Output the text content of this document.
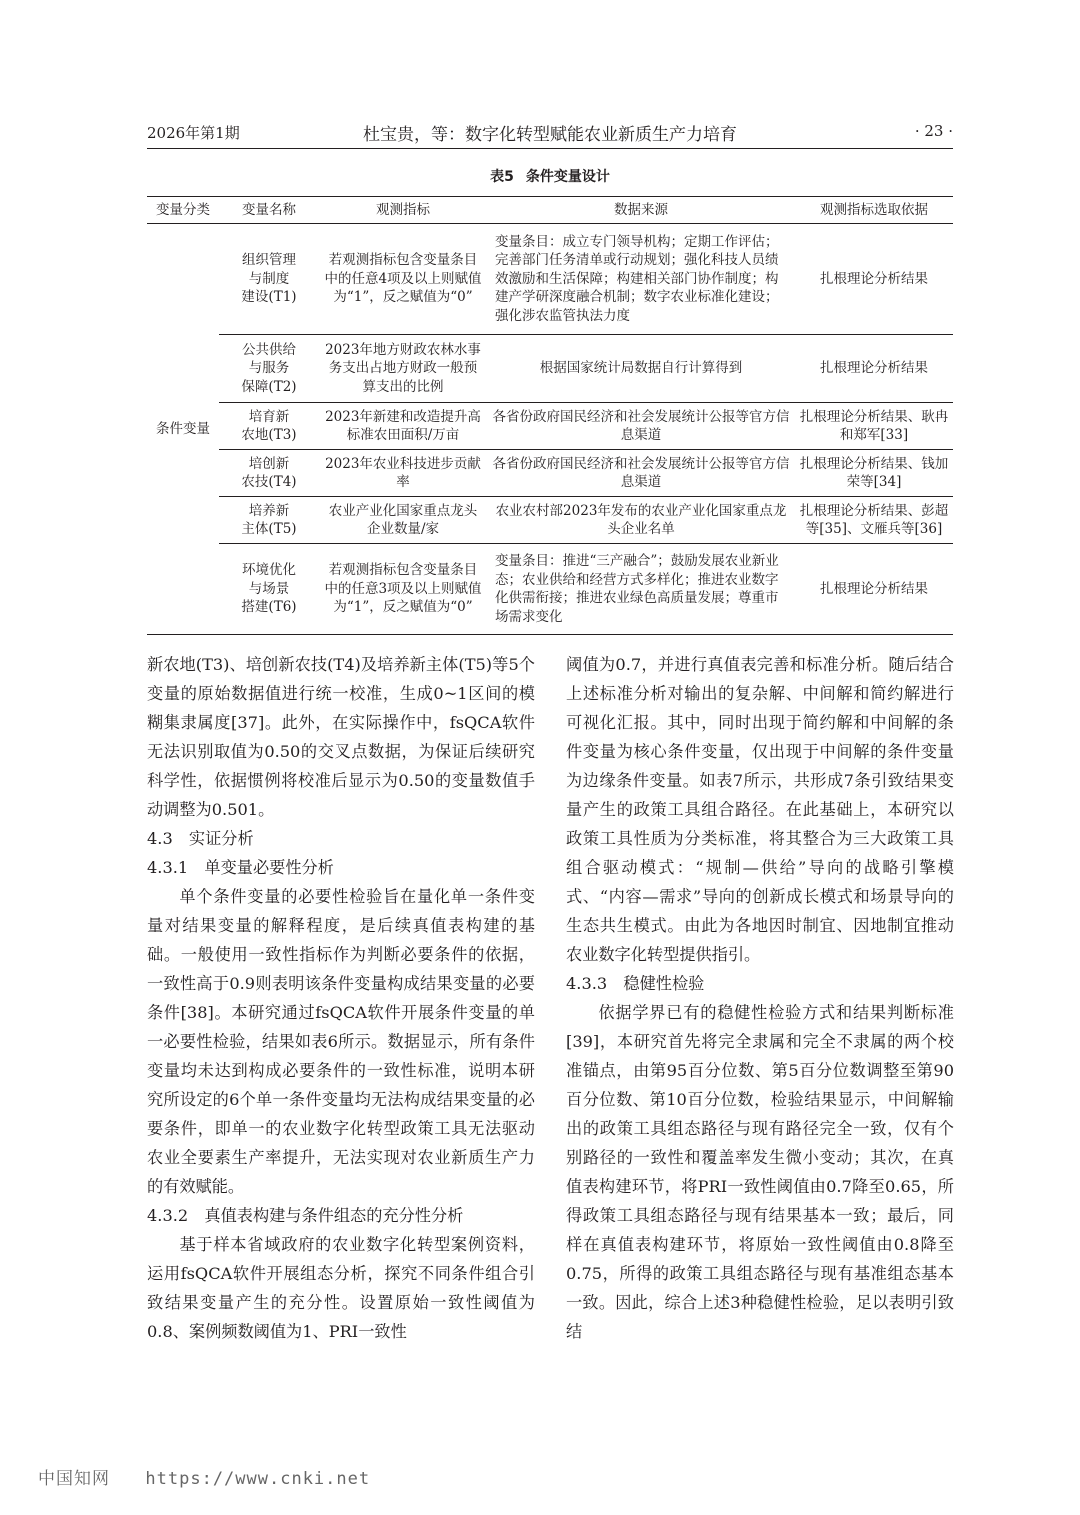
2026年第1期	杜宝贵，等：数字化转型赋能农业新质生产力培育	· 23 ·
表5 条件变量设计
变量分类	变量名称	观测指标	数据来源	观测指标选取依据
条件变量	组织管理
与制度
建设(T1)	若观测指标包含变量条目中的任意4项及以上则赋值为“1”，反之赋值为“0”	变量条目：成立专门领导机构；定期工作评估；完善部门任务清单或行动规划；强化科技人员绩效激励和生活保障；构建相关部门协作制度；构建产学研深度融合机制；数字农业标准化建设；强化涉农监管执法力度	扎根理论分析结果

	公共供给
与服务
保障(T2)	2023年地方财政农林水事务支出占地方财政一般预算支出的比例	根据国家统计局数据自行计算得到	扎根理论分析结果

	培育新
农地(T3)	2023年新建和改造提升高标准农田面积/万亩	各省份政府国民经济和社会发展统计公报等官方信息渠道	扎根理论分析结果、耿冉和郑军[33]

	培创新
农技(T4)	2023年农业科技进步贡献率	各省份政府国民经济和社会发展统计公报等官方信息渠道	扎根理论分析结果、钱加荣等[34]

	培养新
主体(T5)	农业产业化国家重点龙头企业数量/家	农业农村部2023年发布的农业产业化国家重点龙头企业名单	扎根理论分析结果、彭超等[35]、文雁兵等[36]

	环境优化
与场景
搭建(T6)	若观测指标包含变量条目中的任意3项及以上则赋值为“1”，反之赋值为“0”	变量条目：推进“三产融合”；鼓励发展农业新业态；农业供给和经营方式多样化；推进农业数字化供需衔接；推进农业绿色高质量发展；尊重市场需求变化	扎根理论分析结果

新农地(T3)、培创新农技(T4)及培养新主体(T5)等5个变量的原始数据值进行统一校准，生成0~1区间的模糊集隶属度[37]。此外，在实际操作中，fsQCA软件无法识别取值为0.50的交叉点数据，为保证后续研究科学性，依据惯例将校准后显示为0.50的变量数值手动调整为0.501。

4.3　实证分析

4.3.1　单变量必要性分析

单个条件变量的必要性检验旨在量化单一条件变量对结果变量的解释程度，是后续真值表构建的基础。一般使用一致性指标作为判断必要条件的依据，一致性高于0.9则表明该条件变量构成结果变量的必要条件[38]。本研究通过fsQCA软件开展条件变量的单一必要性检验，结果如表6所示。数据显示，所有条件变量均未达到构成必要条件的一致性标准，说明本研究所设定的6个单一条件变量均无法构成结果变量的必要条件，即单一的农业数字化转型政策工具无法驱动农业全要素生产率提升，无法实现对农业新质生产力的有效赋能。

4.3.2　真值表构建与条件组态的充分性分析

基于样本省域政府的农业数字化转型案例资料，运用fsQCA软件开展组态分析，探究不同条件组合引致结果变量产生的充分性。设置原始一致性阈值为0.8、案例频数阈值为1、PRI一致性

阈值为0.7，并进行真值表完善和标准分析。随后结合上述标准分析对输出的复杂解、中间解和简约解进行可视化汇报。其中，同时出现于简约解和中间解的条件变量为核心条件变量，仅出现于中间解的条件变量为边缘条件变量。如表7所示，共形成7条引致结果变量产生的政策工具组合路径。在此基础上，本研究以政策工具性质为分类标准，将其整合为三大政策工具组合驱动模式：“规制—供给”导向的战略引擎模式、“内容—需求”导向的创新成长模式和场景导向的生态共生模式。由此为各地因时制宜、因地制宜推动农业数字化转型提供指引。

4.3.3　稳健性检验

依据学界已有的稳健性检验方式和结果判断标准[39]，本研究首先将完全隶属和完全不隶属的两个校准锚点，由第95百分位数、第5百分位数调整至第90百分位数、第10百分位数，检验结果显示，中间解输出的政策工具组态路径与现有路径完全一致，仅有个别路径的一致性和覆盖率发生微小变动；其次，在真值表构建环节，将PRI一致性阈值由0.7降至0.65，所得政策工具组态路径与现有结果基本一致；最后，同样在真值表构建环节，将原始一致性阈值由0.8降至0.75，所得的政策工具组态路径与现有基准组态基本一致。因此，综合上述3种稳健性检验，足以表明引致结

中国知网 https://www.cnki.net
